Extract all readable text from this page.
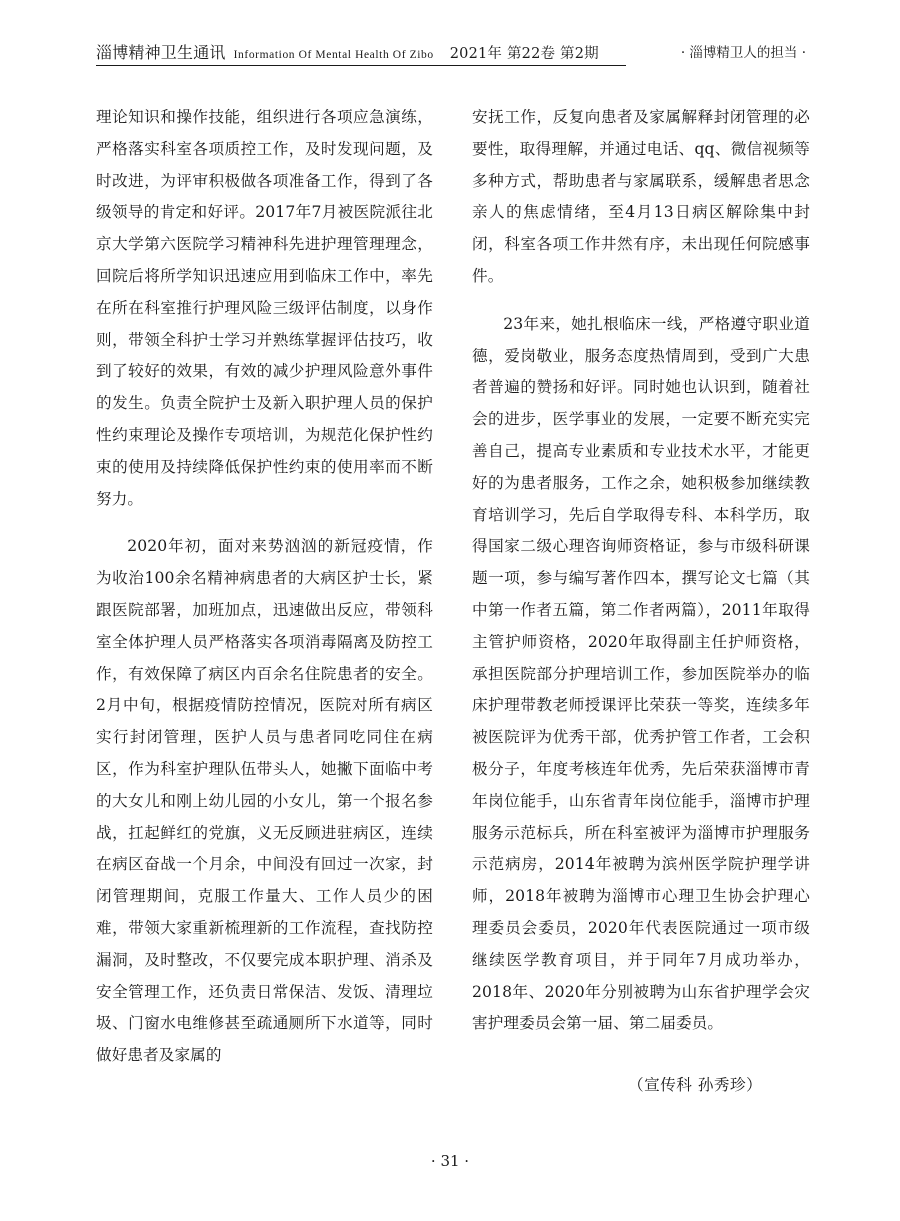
淄博精神卫生通讯 Information Of Mental Health Of Zibo 2021年 第22卷 第2期	· 淄博精卫人的担当 ·

理论知识和操作技能，组织进行各项应急演练，严格落实科室各项质控工作，及时发现问题，及时改进，为评审积极做各项准备工作，得到了各级领导的肯定和好评。2017年7月被医院派往北京大学第六医院学习精神科先进护理管理理念，回院后将所学知识迅速应用到临床工作中，率先在所在科室推行护理风险三级评估制度，以身作则，带领全科护士学习并熟练掌握评估技巧，收到了较好的效果，有效的减少护理风险意外事件的发生。负责全院护士及新入职护理人员的保护性约束理论及操作专项培训，为规范化保护性约束的使用及持续降低保护性约束的使用率而不断努力。

2020年初，面对来势汹汹的新冠疫情，作为收治100余名精神病患者的大病区护士长，紧跟医院部署，加班加点，迅速做出反应，带领科室全体护理人员严格落实各项消毒隔离及防控工作，有效保障了病区内百余名住院患者的安全。2月中旬，根据疫情防控情况，医院对所有病区实行封闭管理，医护人员与患者同吃同住在病区，作为科室护理队伍带头人，她撇下面临中考的大女儿和刚上幼儿园的小女儿，第一个报名参战，扛起鲜红的党旗，义无反顾进驻病区，连续在病区奋战一个月余，中间没有回过一次家，封闭管理期间，克服工作量大、工作人员少的困难，带领大家重新梳理新的工作流程，查找防控漏洞，及时整改，不仅要完成本职护理、消杀及安全管理工作，还负责日常保洁、发饭、清理垃圾、门窗水电维修甚至疏通厕所下水道等，同时做好患者及家属的

安抚工作，反复向患者及家属解释封闭管理的必要性，取得理解，并通过电话、qq、微信视频等多种方式，帮助患者与家属联系，缓解患者思念亲人的焦虑情绪，至4月13日病区解除集中封闭，科室各项工作井然有序，未出现任何院感事件。

23年来，她扎根临床一线，严格遵守职业道德，爱岗敬业，服务态度热情周到，受到广大患者普遍的赞扬和好评。同时她也认识到，随着社会的进步，医学事业的发展，一定要不断充实完善自己，提高专业素质和专业技术水平，才能更好的为患者服务，工作之余，她积极参加继续教育培训学习，先后自学取得专科、本科学历，取得国家二级心理咨询师资格证，参与市级科研课题一项，参与编写著作四本，撰写论文七篇（其中第一作者五篇，第二作者两篇），2011年取得主管护师资格，2020年取得副主任护师资格，承担医院部分护理培训工作，参加医院举办的临床护理带教老师授课评比荣获一等奖，连续多年被医院评为优秀干部，优秀护管工作者，工会积极分子，年度考核连年优秀，先后荣获淄博市青年岗位能手，山东省青年岗位能手，淄博市护理服务示范标兵，所在科室被评为淄博市护理服务示范病房，2014年被聘为滨州医学院护理学讲师，2018年被聘为淄博市心理卫生协会护理心理委员会委员，2020年代表医院通过一项市级继续医学教育项目，并于同年7月成功举办，2018年、2020年分别被聘为山东省护理学会灾害护理委员会第一届、第二届委员。

（宣传科 孙秀珍）
· 31 ·
